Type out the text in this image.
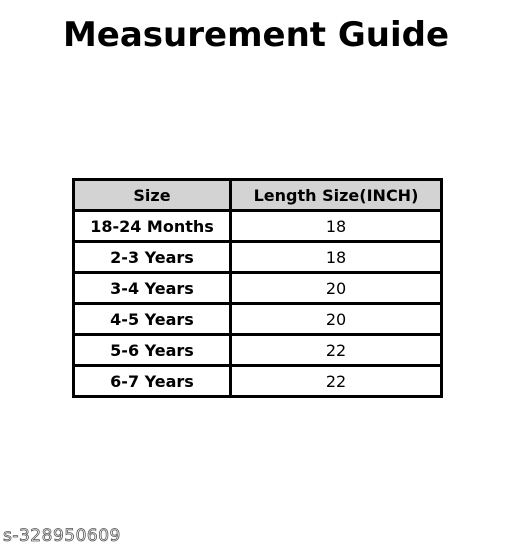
Measurement Guide
Size	Length Size(INCH)
18-24 Months	18
2-3 Years	18
3-4 Years	20
4-5 Years	20
5-6 Years	22
6-7 Years	22
s-328950609
